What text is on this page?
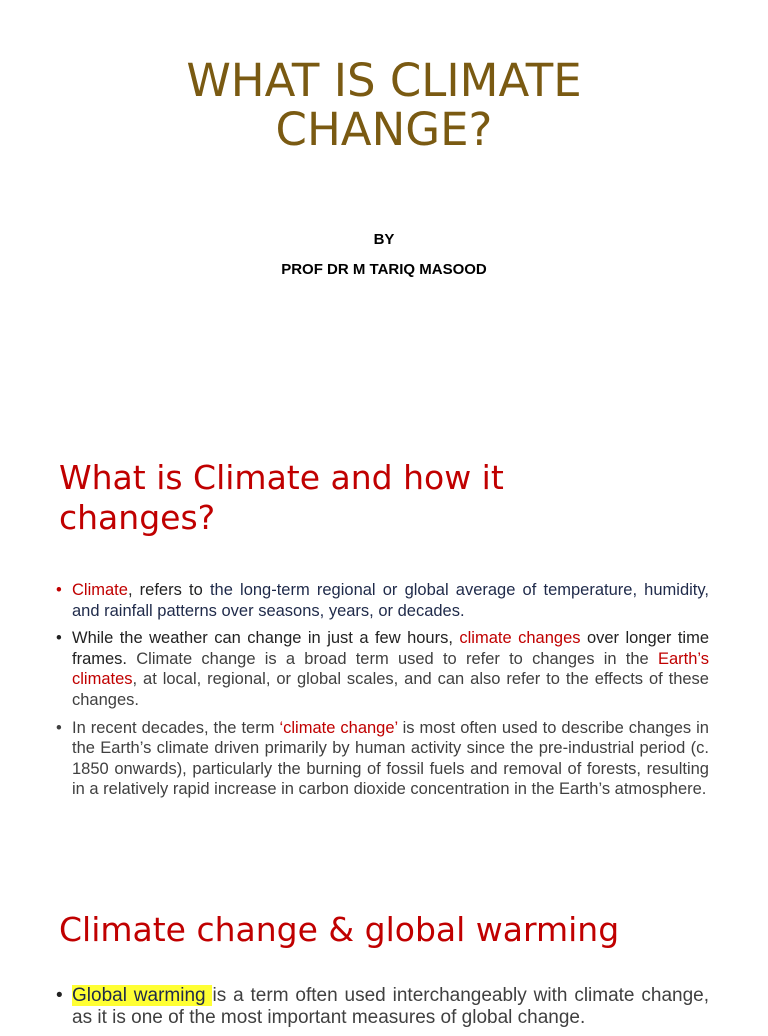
WHAT IS CLIMATE
CHANGE?
BY
PROF DR M TARIQ MASOOD
What is Climate and how it
changes?
• Climate, refers to the long-term regional or global average of temperature, humidity, and rainfall patterns over seasons, years, or decades.
• While the weather can change in just a few hours, climate changes over longer time frames. Climate change is a broad term used to refer to changes in the Earth’s climates, at local, regional, or global scales, and can also refer to the effects of these changes.
• In recent decades, the term ‘climate change’ is most often used to describe changes in the Earth’s climate driven primarily by human activity since the pre-industrial period (c. 1850 onwards), particularly the burning of fossil fuels and removal of forests, resulting in a relatively rapid increase in carbon dioxide concentration in the Earth’s atmosphere.
Climate change & global warming
• Global warming is a term often used interchangeably with climate change, as it is one of the most important measures of global change.
